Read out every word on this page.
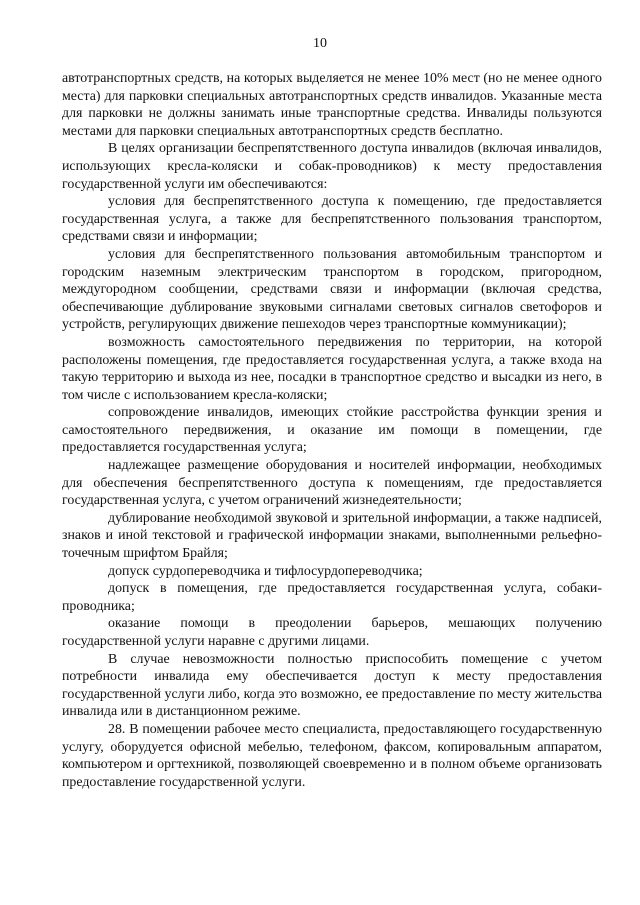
10

автотранспортных средств, на которых выделяется не менее 10% мест (но не менее одного места) для парковки специальных автотранспортных средств инвалидов. Указанные места для парковки не должны занимать иные транспортные средства. Инвалиды пользуются местами для парковки специальных автотранспортных средств бесплатно.

В целях организации беспрепятственного доступа инвалидов (включая инвалидов, использующих кресла-коляски и собак-проводников) к месту предоставления государственной услуги им обеспечиваются:

условия для беспрепятственного доступа к помещению, где предоставляется государственная услуга, а также для беспрепятственного пользования транспортом, средствами связи и информации;

условия для беспрепятственного пользования автомобильным транспортом и городским наземным электрическим транспортом в городском, пригородном, междугородном сообщении, средствами связи и информации (включая средства, обеспечивающие дублирование звуковыми сигналами световых сигналов светофоров и устройств, регулирующих движение пешеходов через транспортные коммуникации);

возможность самостоятельного передвижения по территории, на которой расположены помещения, где предоставляется государственная услуга, а также входа на такую территорию и выхода из нее, посадки в транспортное средство и высадки из него, в том числе с использованием кресла-коляски;

сопровождение инвалидов, имеющих стойкие расстройства функции зрения и самостоятельного передвижения, и оказание им помощи в помещении, где предоставляется государственная услуга;

надлежащее размещение оборудования и носителей информации, необходимых для обеспечения беспрепятственного доступа к помещениям, где предоставляется государственная услуга, с учетом ограничений жизнедеятельности;

дублирование необходимой звуковой и зрительной информации, а также надписей, знаков и иной текстовой и графической информации знаками, выполненными рельефно-точечным шрифтом Брайля;

допуск сурдопереводчика и тифлосурдопереводчика;

допуск в помещения, где предоставляется государственная услуга, собаки-проводника;

оказание помощи в преодолении барьеров, мешающих получению государственной услуги наравне с другими лицами.

В случае невозможности полностью приспособить помещение с учетом потребности инвалида ему обеспечивается доступ к месту предоставления государственной услуги либо, когда это возможно, ее предоставление по месту жительства инвалида или в дистанционном режиме.

28. В помещении рабочее место специалиста, предоставляющего государственную услугу, оборудуется офисной мебелью, телефоном, факсом, копировальным аппаратом, компьютером и оргтехникой, позволяющей своевременно и в полном объеме организовать предоставление государственной услуги.
